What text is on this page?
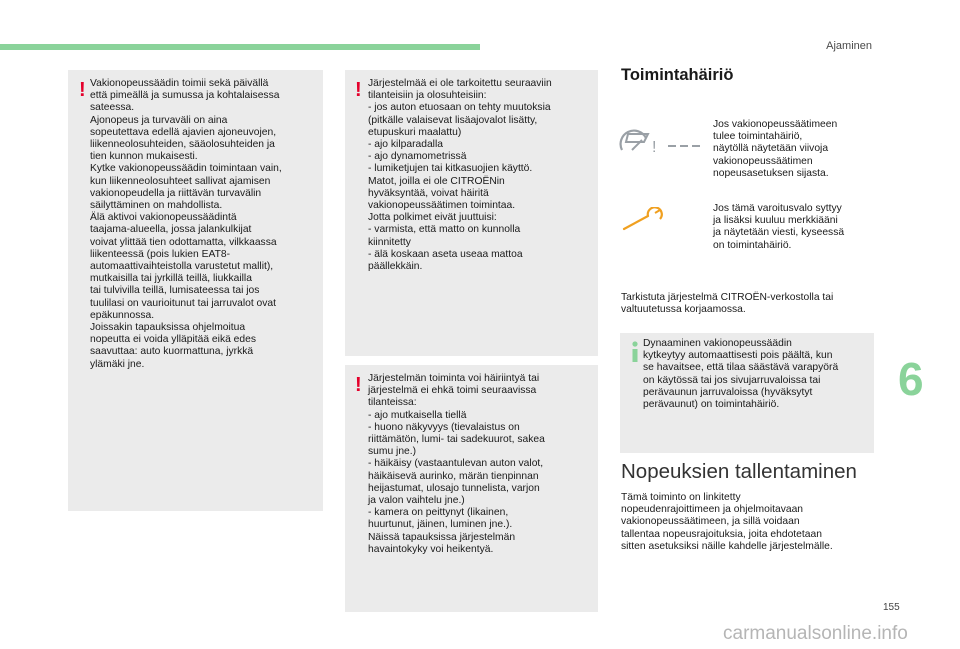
Ajaminen
! Vakionopeussäädin toimii sekä päivällä
että pimeällä ja sumussa ja kohtalaisessa
sateessa.
Ajonopeus ja turvaväli on aina
sopeutettava edellä ajavien ajoneuvojen,
liikenneolosuhteiden, sääolosuhteiden ja
tien kunnon mukaisesti.
Kytke vakionopeussäädin toimintaan vain,
kun liikenneolosuhteet sallivat ajamisen
vakionopeudella ja riittävän turvavälin
säilyttäminen on mahdollista.
Älä aktivoi vakionopeussäädintä
taajama-alueella, jossa jalankulkijat
voivat ylittää tien odottamatta, vilkkaassa
liikenteessä (pois lukien EAT8-
automaattivaihteistolla varustetut mallit),
mutkaisilla tai jyrkillä teillä, liukkailla
tai tulvivilla teillä, lumisateessa tai jos
tuulilasi on vaurioitunut tai jarruvalot ovat
epäkunnossa.
Joissakin tapauksissa ohjelmoitua
nopeutta ei voida ylläpitää eikä edes
saavuttaa: auto kuormattuna, jyrkkä
ylämäki jne.
! Järjestelmää ei ole tarkoitettu seuraaviin
tilanteisiin ja olosuhteisiin:
- jos auton etuosaan on tehty muutoksia
(pitkälle valaisevat lisäajovalot lisätty,
etupuskuri maalattu)
- ajo kilparadalla
- ajo dynamometrissä
- lumiketjujen tai kitkasuojien käyttö.
Matot, joilla ei ole CITROËNin
hyväksyntää, voivat häiritä
vakionopeussäätimen toimintaa.
Jotta polkimet eivät juuttuisi:
- varmista, että matto on kunnolla
kiinnitetty
- älä koskaan aseta useaa mattoa
päällekkäin.
! Järjestelmän toiminta voi häiriintyä tai
järjestelmä ei ehkä toimi seuraavissa
tilanteissa:
- ajo mutkaisella tiellä
- huono näkyvyys (tievalaistus on
riittämätön, lumi- tai sadekuurot, sakea
sumu jne.)
- häikäisy (vastaantulevan auton valot,
häikäisevä aurinko, märän tienpinnan
heijastumat, ulosajo tunnelista, varjon
ja valon vaihtelu jne.)
- kamera on peittynyt (likainen,
huurtunut, jäinen, luminen jne.).
Näissä tapauksissa järjestelmän
havaintokyky voi heikentyä.
Toimintahäiriö
!
Jos vakionopeussäätimeen
tulee toimintahäiriö,
näytöllä näytetään viivoja
vakionopeussäätimen
nopeusasetuksen sijasta.
Jos tämä varoitusvalo syttyy
ja lisäksi kuuluu merkkiääni
ja näytetään viesti, kyseessä
on toimintahäiriö.
Tarkistuta järjestelmä CITROËN-verkostolla tai
valtuutetussa korjaamossa.
Dynaaminen vakionopeussäädin
kytkeytyy automaattisesti pois päältä, kun
se havaitsee, että tilaa säästävä varapyörä
on käytössä tai jos sivujarruvaloissa tai
perävaunun jarruvaloissa (hyväksytyt
perävaunut) on toimintahäiriö.
Nopeuksien tallentaminen
Tämä toiminto on linkitetty
nopeudenrajoittimeen ja ohjelmoitavaan
vakionopeussäätimeen, ja sillä voidaan
tallentaa nopeusrajoituksia, joita ehdotetaan
sitten asetuksiksi näille kahdelle järjestelmälle.
6
155
carmanualsonline.info
